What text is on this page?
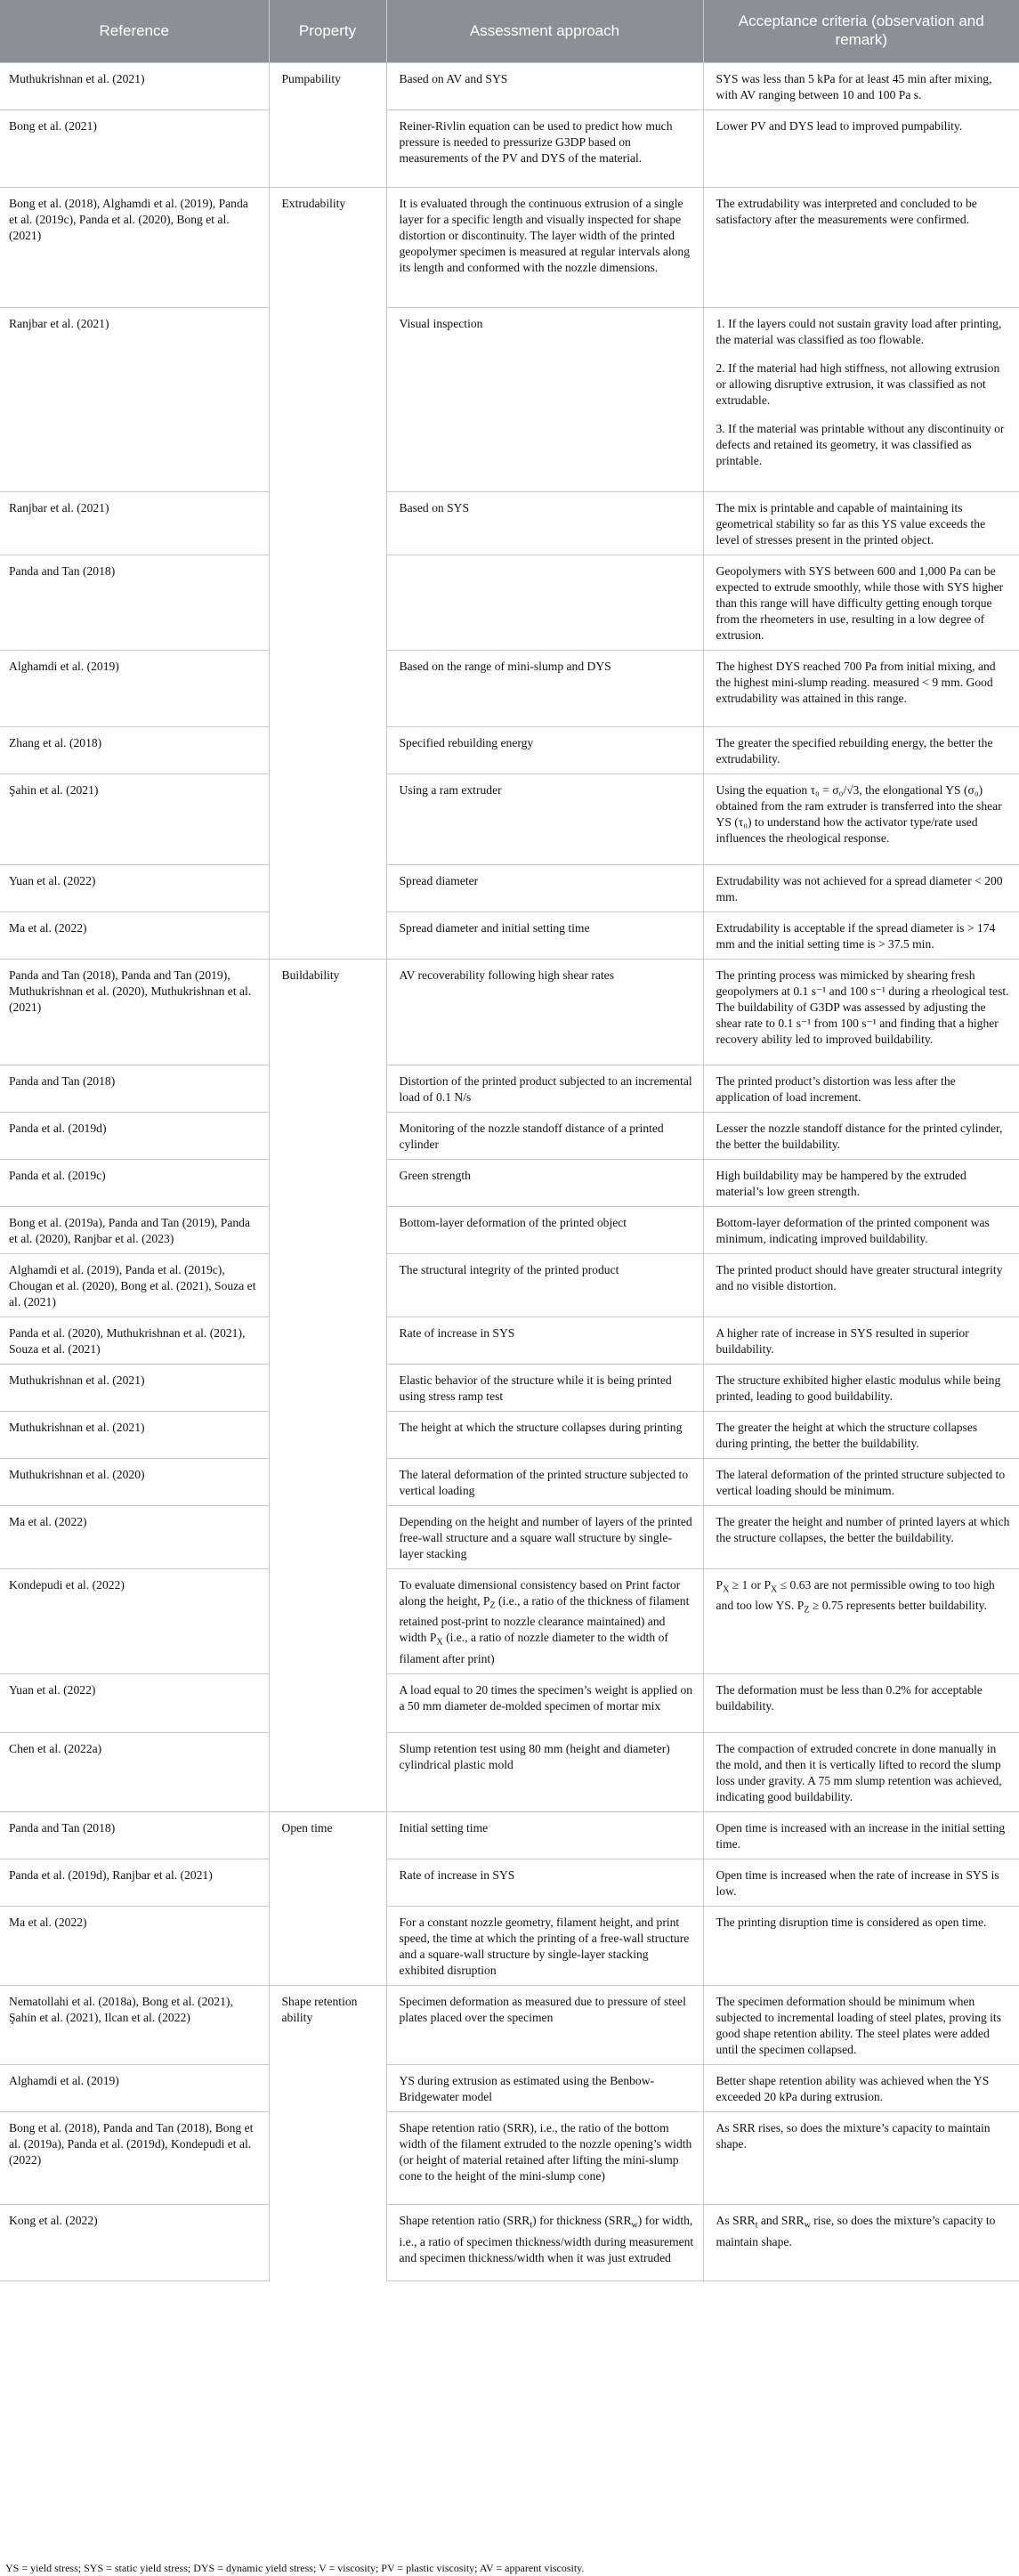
Reference	Property	Assessment approach	Acceptance criteria (observation and remark)
Muthukrishnan et al. (2021)	Pumpability	Based on AV and SYS	SYS was less than 5 kPa for at least 45 min after mixing, with AV ranging between 10 and 100 Pa s.

Bong et al. (2021)		Reiner-Rivlin equation can be used to predict how much pressure is needed to pressurize G3DP based on measurements of the PV and DYS of the material.	Lower PV and DYS lead to improved pumpability.

Bong et al. (2018), Alghamdi et al. (2019), Panda et al. (2019c), Panda et al. (2020), Bong et al. (2021)	Extrudability	It is evaluated through the continuous extrusion of a single layer for a specific length and visually inspected for shape distortion or discontinuity. The layer width of the printed geopolymer specimen is measured at regular intervals along its length and conformed with the nozzle dimensions.	The extrudability was interpreted and concluded to be satisfactory after the measurements were confirmed.

Ranjbar et al. (2021)		Visual inspection	1. If the layers could not sustain gravity load after printing, the material was classified as too flowable.

2. If the material had high stiffness, not allowing extrusion or allowing disruptive extrusion, it was classified as not extrudable.

3. If the material was printable without any discontinuity or defects and retained its geometry, it was classified as printable.

Ranjbar et al. (2021)		Based on SYS	The mix is printable and capable of maintaining its geometrical stability so far as this YS value exceeds the level of stresses present in the printed object.

Panda and Tan (2018)			Geopolymers with SYS between 600 and 1,000 Pa can be expected to extrude smoothly, while those with SYS higher than this range will have difficulty getting enough torque from the rheometers in use, resulting in a low degree of extrusion.

Alghamdi et al. (2019)		Based on the range of mini-slump and DYS	The highest DYS reached 700 Pa from initial mixing, and the highest mini-slump reading. measured < 9 mm. Good extrudability was attained in this range.

Zhang et al. (2018)		Specified rebuilding energy	The greater the specified rebuilding energy, the better the extrudability.

Şahin et al. (2021)		Using a ram extruder	Using the equation τ₀ = σ₀/√3, the elongational YS (σ₀) obtained from the ram extruder is transferred into the shear YS (τ₀) to understand how the activator type/rate used influences the rheological response.

Yuan et al. (2022)		Spread diameter	Extrudability was not achieved for a spread diameter < 200 mm.

Ma et al. (2022)		Spread diameter and initial setting time	Extrudability is acceptable if the spread diameter is > 174 mm and the initial setting time is > 37.5 min.

Panda and Tan (2018), Panda and Tan (2019), Muthukrishnan et al. (2020), Muthukrishnan et al. (2021)	Buildability	AV recoverability following high shear rates	The printing process was mimicked by shearing fresh geopolymers at 0.1 s⁻¹ and 100 s⁻¹ during a rheological test. The buildability of G3DP was assessed by adjusting the shear rate to 0.1 s⁻¹ from 100 s⁻¹ and finding that a higher recovery ability led to improved buildability.

Panda and Tan (2018)		Distortion of the printed product subjected to an incremental load of 0.1 N/s	The printed product’s distortion was less after the application of load increment.

Panda et al. (2019d)		Monitoring of the nozzle standoff distance of a printed cylinder	Lesser the nozzle standoff distance for the printed cylinder, the better the buildability.

Panda et al. (2019c)		Green strength	High buildability may be hampered by the extruded material’s low green strength.

Bong et al. (2019a), Panda and Tan (2019), Panda et al. (2020), Ranjbar et al. (2023)		Bottom-layer deformation of the printed object	Bottom-layer deformation of the printed component was minimum, indicating improved buildability.

Alghamdi et al. (2019), Panda et al. (2019c), Chougan et al. (2020), Bong et al. (2021), Souza et al. (2021)		The structural integrity of the printed product	The printed product should have greater structural integrity and no visible distortion.

Panda et al. (2020), Muthukrishnan et al. (2021), Souza et al. (2021)		Rate of increase in SYS	A higher rate of increase in SYS resulted in superior buildability.

Muthukrishnan et al. (2021)		Elastic behavior of the structure while it is being printed using stress ramp test	The structure exhibited higher elastic modulus while being printed, leading to good buildability.

Muthukrishnan et al. (2021)		The height at which the structure collapses during printing	The greater the height at which the structure collapses during printing, the better the buildability.

Muthukrishnan et al. (2020)		The lateral deformation of the printed structure subjected to vertical loading	The lateral deformation of the printed structure subjected to vertical loading should be minimum.

Ma et al. (2022)		Depending on the height and number of layers of the printed free-wall structure and a square wall structure by single-layer stacking	The greater the height and number of printed layers at which the structure collapses, the better the buildability.

Kondepudi et al. (2022)		To evaluate dimensional consistency based on Print factor along the height, $P_Z$ (i.e., a ratio of the thickness of filament retained post-print to nozzle clearance maintained) and width $P_X$ (i.e., a ratio of nozzle diameter to the width of filament after print)	$P_X \ge 1$ or $P_X \le 0.63$ are not permissible owing to too high and too low YS. $P_Z \ge 0.75$ represents better buildability.

Yuan et al. (2022)		A load equal to 20 times the specimen’s weight is applied on a 50 mm diameter de-molded specimen of mortar mix	The deformation must be less than 0.2% for acceptable buildability.

Chen et al. (2022a)		Slump retention test using 80 mm (height and diameter) cylindrical plastic mold	The compaction of extruded concrete in done manually in the mold, and then it is vertically lifted to record the slump loss under gravity. A 75 mm slump retention was achieved, indicating good buildability.

Panda and Tan (2018)	Open time	Initial setting time	Open time is increased with an increase in the initial setting time.

Panda et al. (2019d), Ranjbar et al. (2021)		Rate of increase in SYS	Open time is increased when the rate of increase in SYS is low.

Ma et al. (2022)		For a constant nozzle geometry, filament height, and print speed, the time at which the printing of a free-wall structure and a square-wall structure by single-layer stacking exhibited disruption	The printing disruption time is considered as open time.

Nematollahi et al. (2018a), Bong et al. (2021), Şahin et al. (2021), Ilcan et al. (2022)	Shape retention ability	Specimen deformation as measured due to pressure of steel plates placed over the specimen	The specimen deformation should be minimum when subjected to incremental loading of steel plates, proving its good shape retention ability. The steel plates were added until the specimen collapsed.

Alghamdi et al. (2019)		YS during extrusion as estimated using the Benbow-Bridgewater model	Better shape retention ability was achieved when the YS exceeded 20 kPa during extrusion.

Bong et al. (2018), Panda and Tan (2018), Bong et al. (2019a), Panda et al. (2019d), Kondepudi et al. (2022)		Shape retention ratio (SRR), i.e., the ratio of the bottom width of the filament extruded to the nozzle opening’s width (or height of material retained after lifting the mini-slump cone to the height of the mini-slump cone)	As SRR rises, so does the mixture’s capacity to maintain shape.

Kong et al. (2022)		Shape retention ratio $(SRR_t)$ for thickness $(SRR_w)$ for width, i.e., a ratio of specimen thickness/width during measurement and specimen thickness/width when it was just extruded	As $SRR_t$ and $SRR_w$ rise, so does the mixture’s capacity to maintain shape.

YS = yield stress; SYS = static yield stress; DYS = dynamic yield stress; V = viscosity; PV = plastic viscosity; AV = apparent viscosity.
